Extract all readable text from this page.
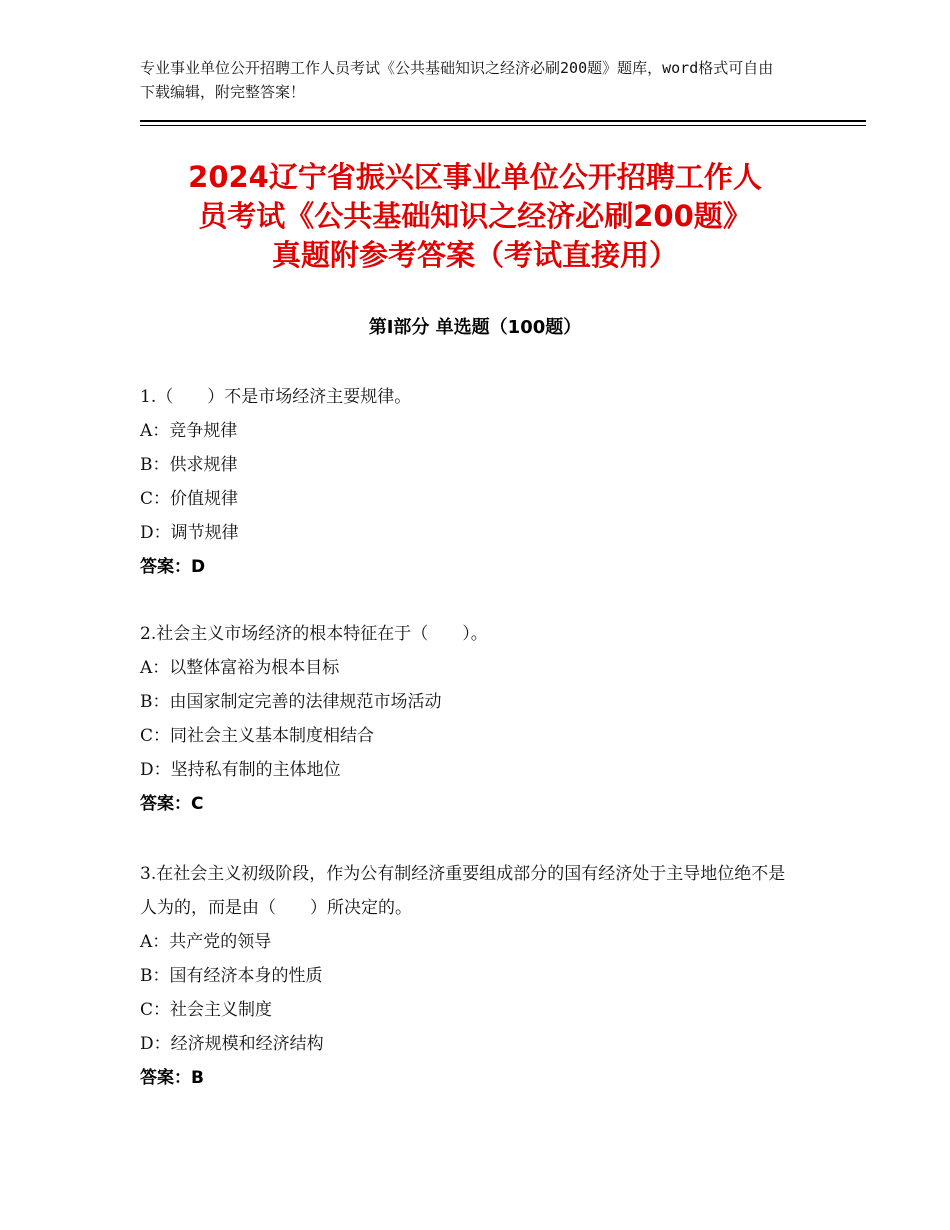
专业事业单位公开招聘工作人员考试《公共基础知识之经济必刷200题》题库，word格式可自由下载编辑，附完整答案！
2024辽宁省振兴区事业单位公开招聘工作人
员考试《公共基础知识之经济必刷200题》
真题附参考答案（考试直接用）
第I部分 单选题（100题）
1.（　　）不是市场经济主要规律。
A：竞争规律
B：供求规律
C：价值规律
D：调节规律
答案：D
2.社会主义市场经济的根本特征在于（　　）。
A：以整体富裕为根本目标
B：由国家制定完善的法律规范市场活动
C：同社会主义基本制度相结合
D：坚持私有制的主体地位
答案：C
3.在社会主义初级阶段，作为公有制经济重要组成部分的国有经济处于主导地位绝不是人为的，而是由（　　）所决定的。
A：共产党的领导
B：国有经济本身的性质
C：社会主义制度
D：经济规模和经济结构
答案：B
